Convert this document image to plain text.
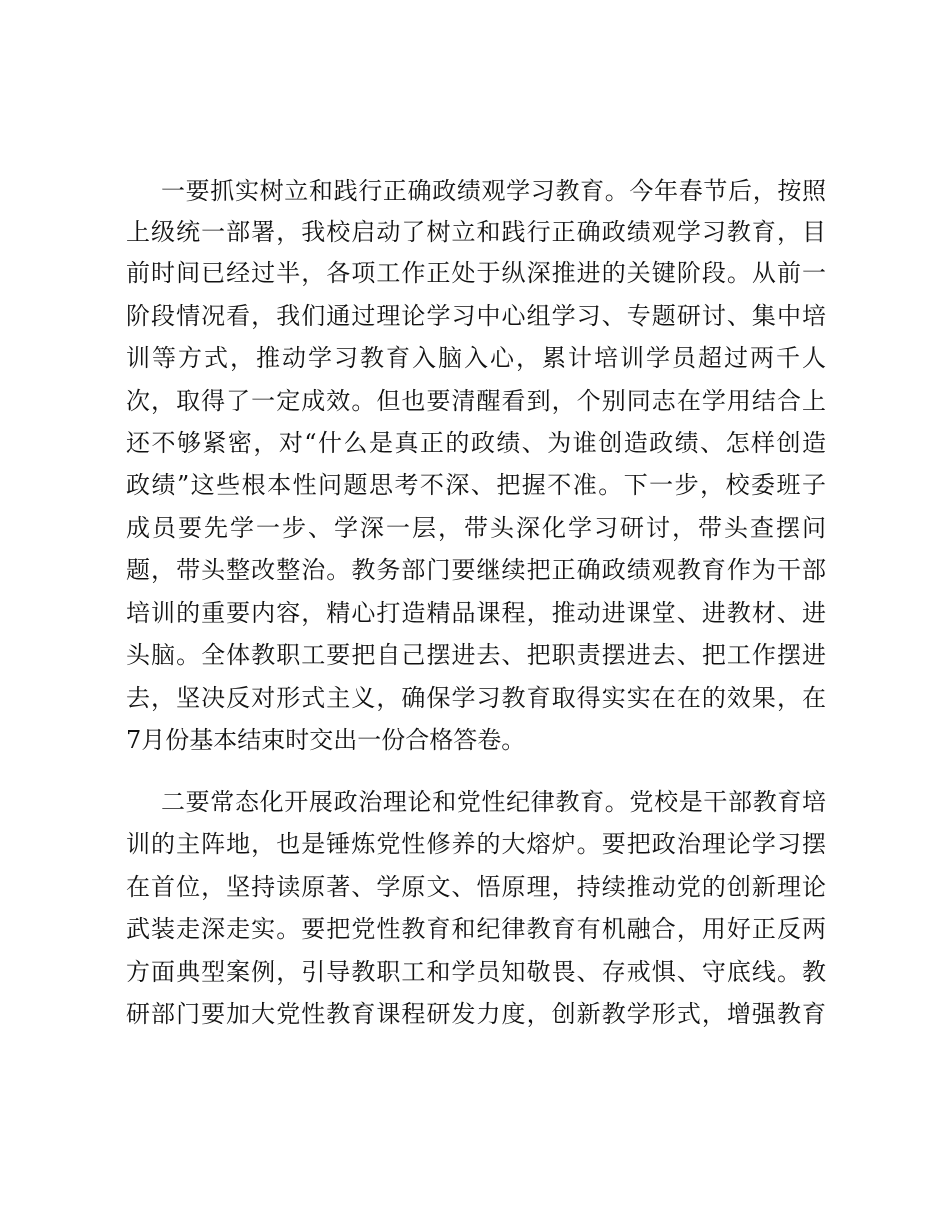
一要抓实树立和践行正确政绩观学习教育。今年春节后，按照
上级统一部署，我校启动了树立和践行正确政绩观学习教育，目
前时间已经过半，各项工作正处于纵深推进的关键阶段。从前一
阶段情况看，我们通过理论学习中心组学习、专题研讨、集中培
训等方式，推动学习教育入脑入心，累计培训学员超过两千人
次，取得了一定成效。但也要清醒看到，个别同志在学用结合上
还不够紧密，对“什么是真正的政绩、为谁创造政绩、怎样创造
政绩”这些根本性问题思考不深、把握不准。下一步，校委班子
成员要先学一步、学深一层，带头深化学习研讨，带头查摆问
题，带头整改整治。教务部门要继续把正确政绩观教育作为干部
培训的重要内容，精心打造精品课程，推动进课堂、进教材、进
头脑。全体教职工要把自己摆进去、把职责摆进去、把工作摆进
去，坚决反对形式主义，确保学习教育取得实实在在的效果，在
7月份基本结束时交出一份合格答卷。
二要常态化开展政治理论和党性纪律教育。党校是干部教育培
训的主阵地，也是锤炼党性修养的大熔炉。要把政治理论学习摆
在首位，坚持读原著、学原文、悟原理，持续推动党的创新理论
武装走深走实。要把党性教育和纪律教育有机融合，用好正反两
方面典型案例，引导教职工和学员知敬畏、存戒惧、守底线。教
研部门要加大党性教育课程研发力度，创新教学形式，增强教育
